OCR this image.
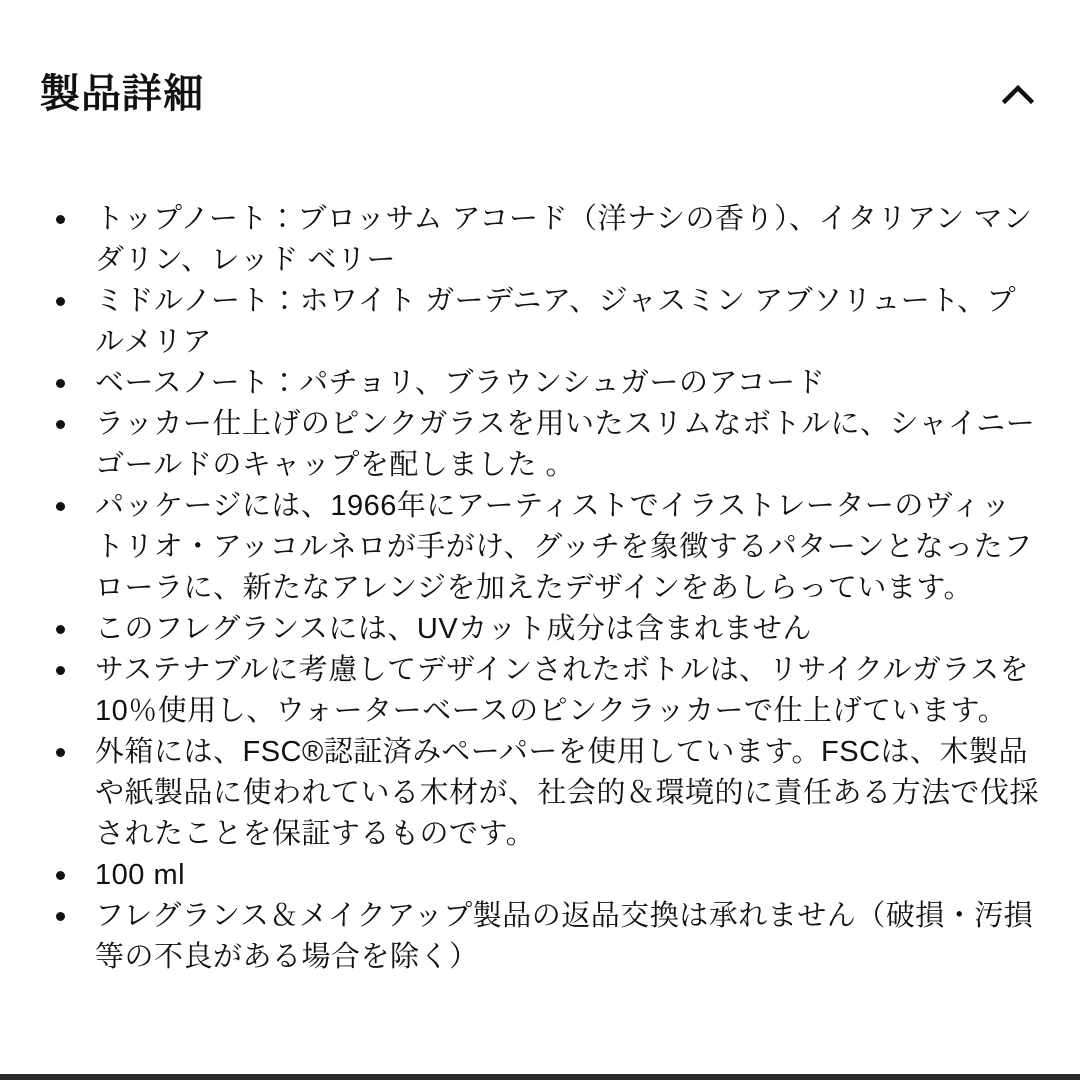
製品詳細
トップノート：ブロッサム アコード（洋ナシの香り）、イタリアン マンダリン、レッド ベリー
ミドルノート：ホワイト ガーデニア、ジャスミン アブソリュート、プルメリア
ベースノート：パチョリ、ブラウンシュガーのアコード
ラッカー仕上げのピンクガラスを用いたスリムなボトルに、シャイニーゴールドのキャップを配しました 。
パッケージには、1966年にアーティストでイラストレーターのヴィットリオ・アッコルネロが手がけ、グッチを象徴するパターンとなったフローラに、新たなアレンジを加えたデザインをあしらっています。
このフレグランスには、UVカット成分は含まれません
サステナブルに考慮してデザインされたボトルは、リサイクルガラスを10％使用し、ウォーターベースのピンクラッカーで仕上げています。
外箱には、FSC®認証済みペーパーを使用しています。FSCは、木製品や紙製品に使われている木材が、社会的＆環境的に責任ある方法で伐採されたことを保証するものです。
100 ml
フレグランス＆メイクアップ製品の返品交換は承れません（破損・汚損等の不良がある場合を除く）
